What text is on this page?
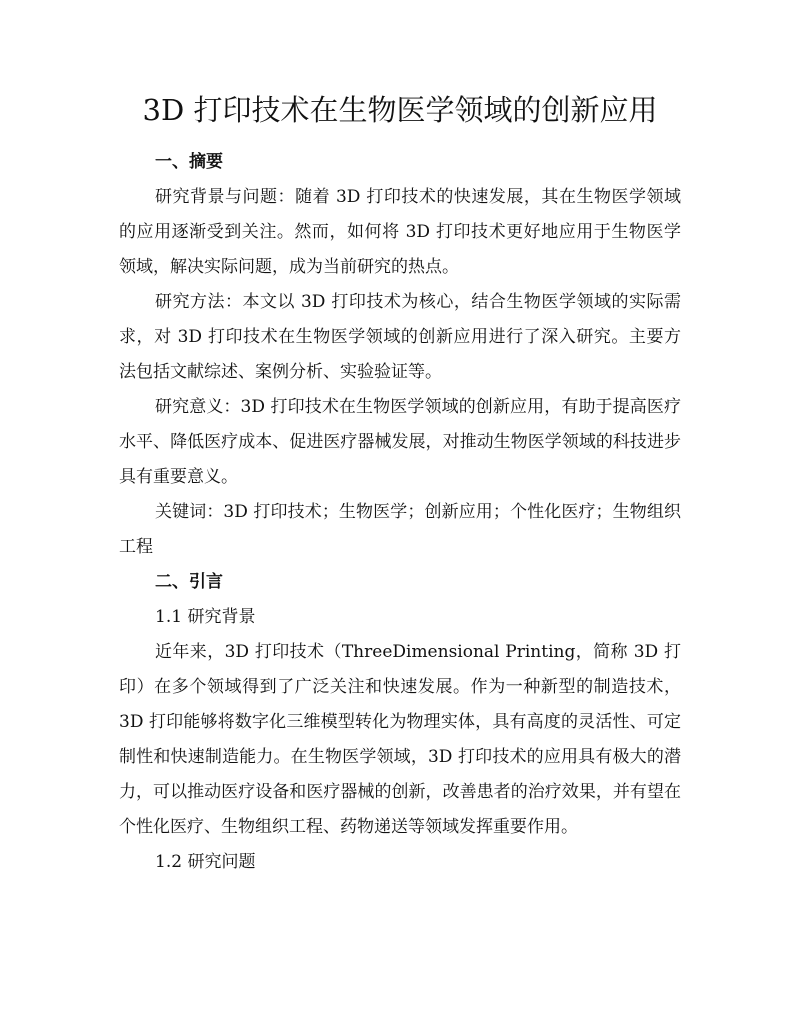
3D 打印技术在生物医学领域的创新应用

一、摘要

研究背景与问题：随着 3D 打印技术的快速发展，其在生物医学领域的应用逐渐受到关注。然而，如何将 3D 打印技术更好地应用于生物医学领域，解决实际问题，成为当前研究的热点。

研究方法：本文以 3D 打印技术为核心，结合生物医学领域的实际需求，对 3D 打印技术在生物医学领域的创新应用进行了深入研究。主要方法包括文献综述、案例分析、实验验证等。

研究意义：3D 打印技术在生物医学领域的创新应用，有助于提高医疗水平、降低医疗成本、促进医疗器械发展，对推动生物医学领域的科技进步具有重要意义。

关键词：3D 打印技术；生物医学；创新应用；个性化医疗；生物组织工程

二、引言

1.1 研究背景

近年来，3D 打印技术（ThreeDimensional Printing，简称 3D 打印）在多个领域得到了广泛关注和快速发展。作为一种新型的制造技术，3D 打印能够将数字化三维模型转化为物理实体，具有高度的灵活性、可定制性和快速制造能力。在生物医学领域，3D 打印技术的应用具有极大的潜力，可以推动医疗设备和医疗器械的创新，改善患者的治疗效果，并有望在个性化医疗、生物组织工程、药物递送等领域发挥重要作用。

1.2 研究问题
